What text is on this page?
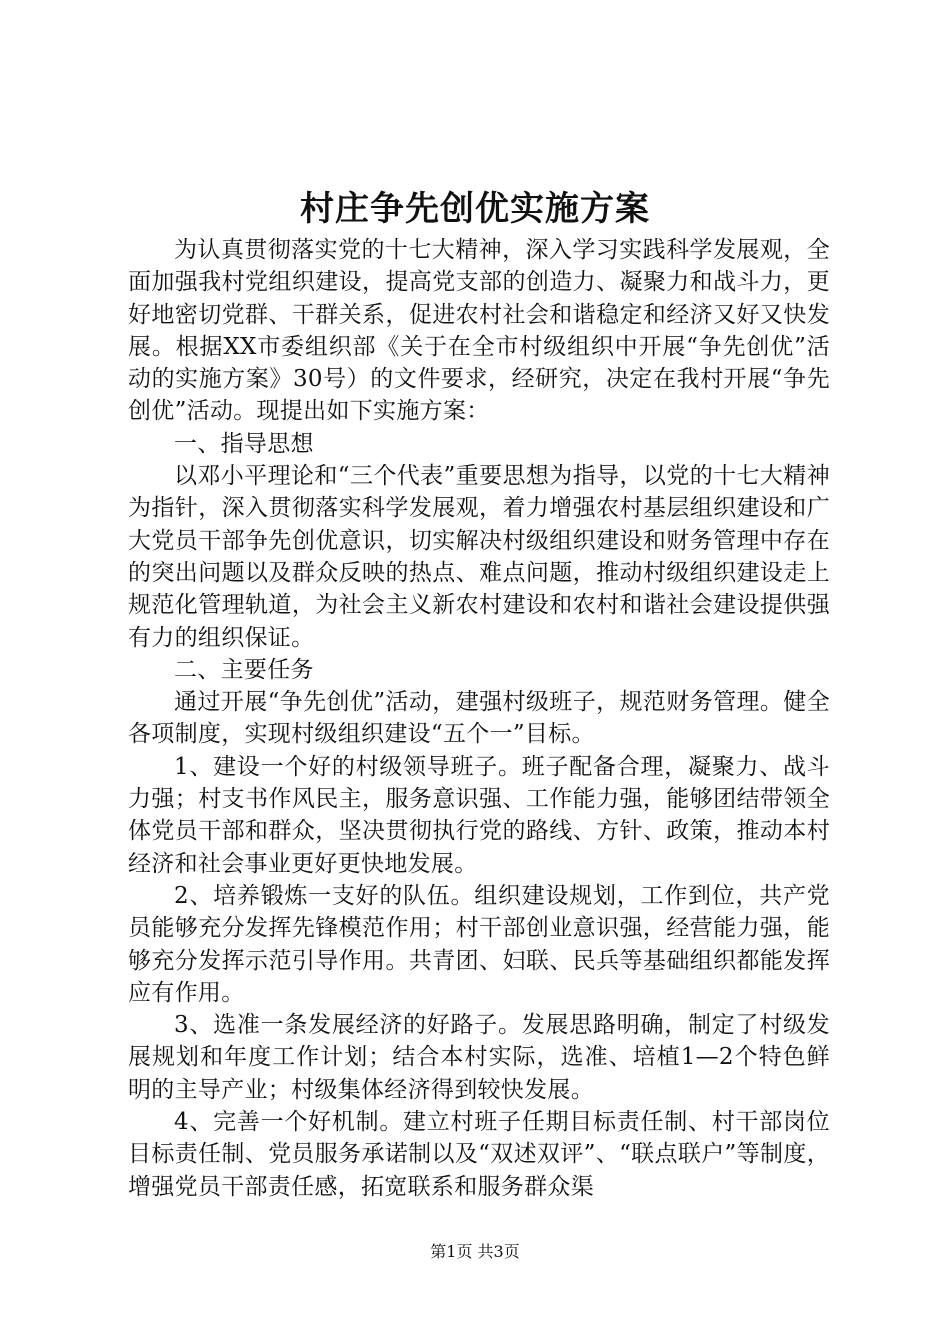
村庄争先创优实施方案

为认真贯彻落实党的十七大精神，深入学习实践科学发展观，全面加强我村党组织建设，提高党支部的创造力、凝聚力和战斗力，更好地密切党群、干群关系，促进农村社会和谐稳定和经济又好又快发展。根据XX市委组织部《关于在全市村级组织中开展“争先创优”活动的实施方案》30号）的文件要求，经研究，决定在我村开展“争先创优”活动。现提出如下实施方案：

一、指导思想

以邓小平理论和“三个代表”重要思想为指导，以党的十七大精神为指针，深入贯彻落实科学发展观，着力增强农村基层组织建设和广大党员干部争先创优意识，切实解决村级组织建设和财务管理中存在的突出问题以及群众反映的热点、难点问题，推动村级组织建设走上规范化管理轨道，为社会主义新农村建设和农村和谐社会建设提供强有力的组织保证。

二、主要任务

通过开展“争先创优”活动，建强村级班子，规范财务管理。健全各项制度，实现村级组织建设“五个一”目标。

1、建设一个好的村级领导班子。班子配备合理，凝聚力、战斗力强；村支书作风民主，服务意识强、工作能力强，能够团结带领全体党员干部和群众，坚决贯彻执行党的路线、方针、政策，推动本村经济和社会事业更好更快地发展。

2、培养锻炼一支好的队伍。组织建设规划，工作到位，共产党员能够充分发挥先锋模范作用；村干部创业意识强，经营能力强，能够充分发挥示范引导作用。共青团、妇联、民兵等基础组织都能发挥应有作用。

3、选准一条发展经济的好路子。发展思路明确，制定了村级发展规划和年度工作计划；结合本村实际，选准、培植1—2个特色鲜明的主导产业；村级集体经济得到较快发展。

4、完善一个好机制。建立村班子任期目标责任制、村干部岗位目标责任制、党员服务承诺制以及“双述双评”、“联点联户”等制度，增强党员干部责任感，拓宽联系和服务群众渠

第1页 共3页
